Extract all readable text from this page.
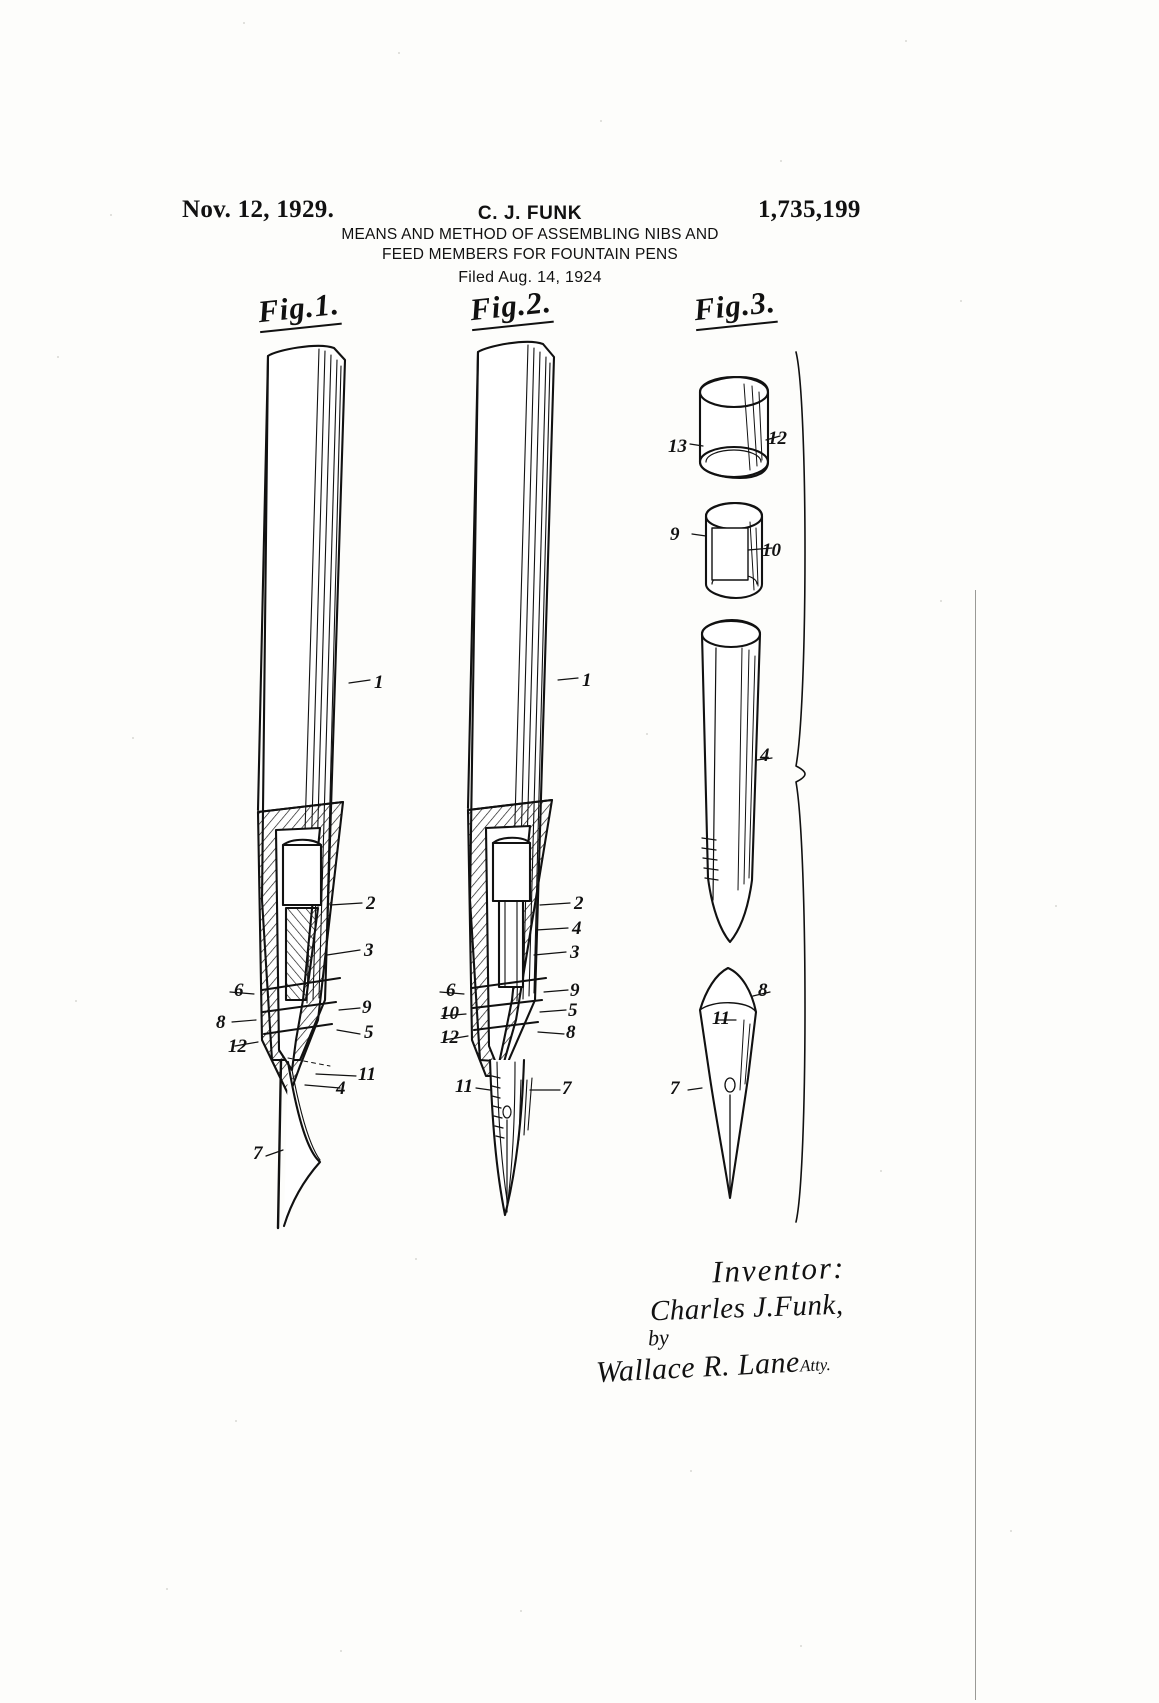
Nov. 12, 1929.	1,735,199
C. J. FUNK
MEANS AND METHOD OF ASSEMBLING NIBS AND
FEED MEMBERS FOR FOUNTAIN PENS
Filed Aug. 14, 1924
Fig.1.	Fig.2.	Fig.3.
1
2
3
6
8
12
9
5
11
4
7
1
2
4
3
6
10
12
9
5
8
11	7
13	12
9
10
4
8
11
7
Inventor:
Charles J.Funk,
by
Wallace R. LaneAtty.
